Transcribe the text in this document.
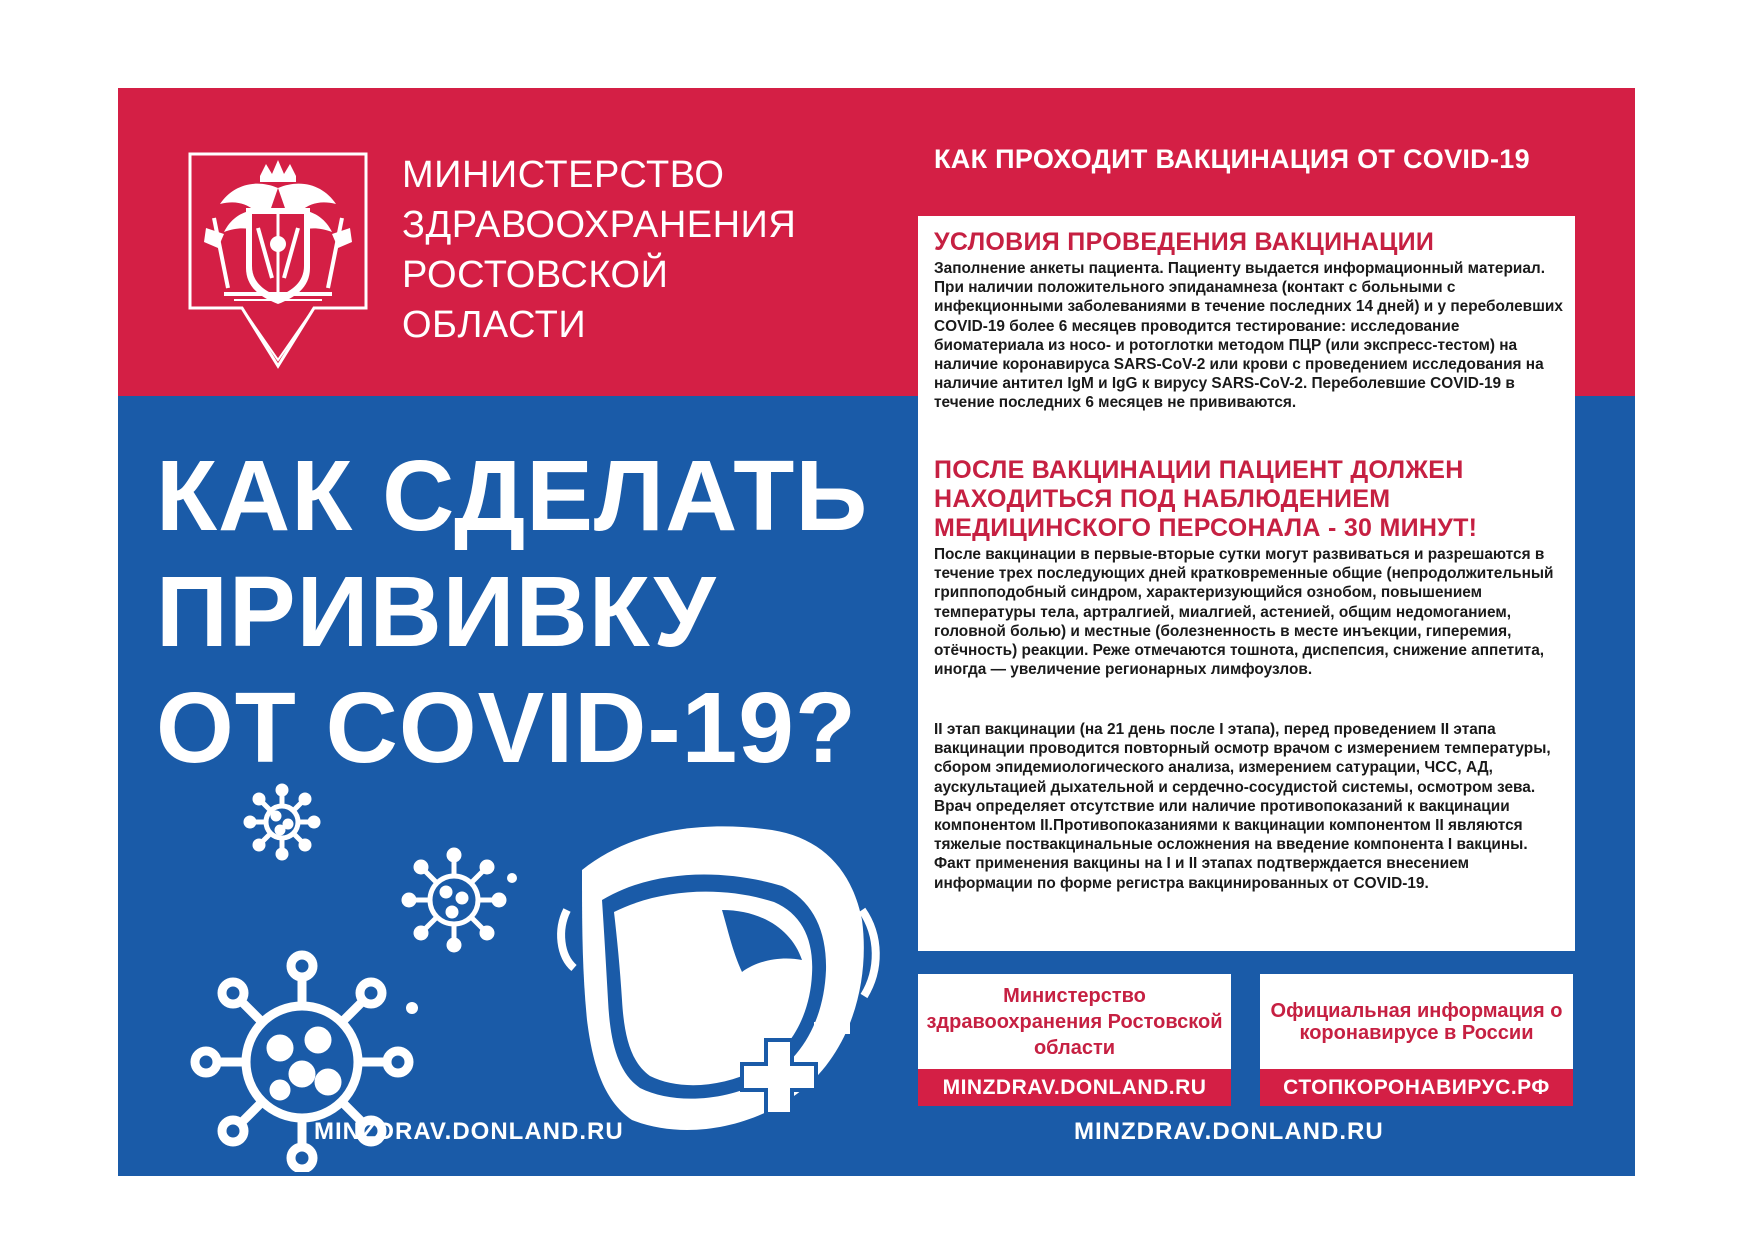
МИНИСТЕРСТВО
ЗДРАВООХРАНЕНИЯ
РОСТОВСКОЙ
ОБЛАСТИ
КАК ПРОХОДИТ ВАКЦИНАЦИЯ ОТ COVID-19
КАК СДЕЛАТЬ
ПРИВИВКУ
ОТ COVID-19?

УСЛОВИЯ ПРОВЕДЕНИЯ ВАКЦИНАЦИИ

Заполнение анкеты пациента. Пациенту выдается информационный материал. При наличии положительного эпиданамнеза (контакт с больными с инфекционными заболеваниями в течение последних 14 дней) и у переболевших COVID-19 более 6 месяцев проводится тестирование: исследование биоматериала из носо- и ротоглотки методом ПЦР (или экспресс-тестом) на наличие коронавируса SARS-CoV-2 или крови с проведением исследования на наличие антител IgM и IgG к вирусу SARS-CoV-2. Переболевшие COVID-19 в течение последних 6 месяцев не прививаются.

ПОСЛЕ ВАКЦИНАЦИИ ПАЦИЕНТ ДОЛЖЕН НАХОДИТЬСЯ ПОД НАБЛЮДЕНИЕМ МЕДИЦИНСКОГО ПЕРСОНАЛА - 30 МИНУТ!

После вакцинации в первые-вторые сутки могут развиваться и разрешаются в течение трех последующих дней кратковременные общие (непродолжительный гриппоподобный синдром, характеризующийся ознобом, повышением температуры тела, артралгией, миалгией, астенией, общим недомоганием, головной болью) и местные (болезненность в месте инъекции, гиперемия, отёчность) реакции. Реже отмечаются тошнота, диспепсия, снижение аппетита, иногда — увеличение регионарных лимфоузлов.

II этап вакцинации (на 21 день после I этапа), перед проведением II этапа вакцинации проводится повторный осмотр врачом с измерением температуры, сбором эпидемиологического анализа, измерением сатурации, ЧСС, АД, аускультацией дыхательной и сердечно-сосудистой системы, осмотром зева. Врач определяет отсутствие или наличие противопоказаний к вакцинации компонентом II.Противопоказаниями к вакцинации компонентом II являются тяжелые поствакцинальные осложнения на введение компонента I вакцины. Факт применения вакцины на I и II этапах подтверждается внесением информации по форме регистра вакцинированных от COVID-19.

Министерство здравоохранения Ростовской области
MINZDRAV.DONLAND.RU
Официальная информация о коронавирусе в России
СТОПКОРОНАВИРУС.РФ
MINZDRAV.DONLAND.RU	MINZDRAV.DONLAND.RU
